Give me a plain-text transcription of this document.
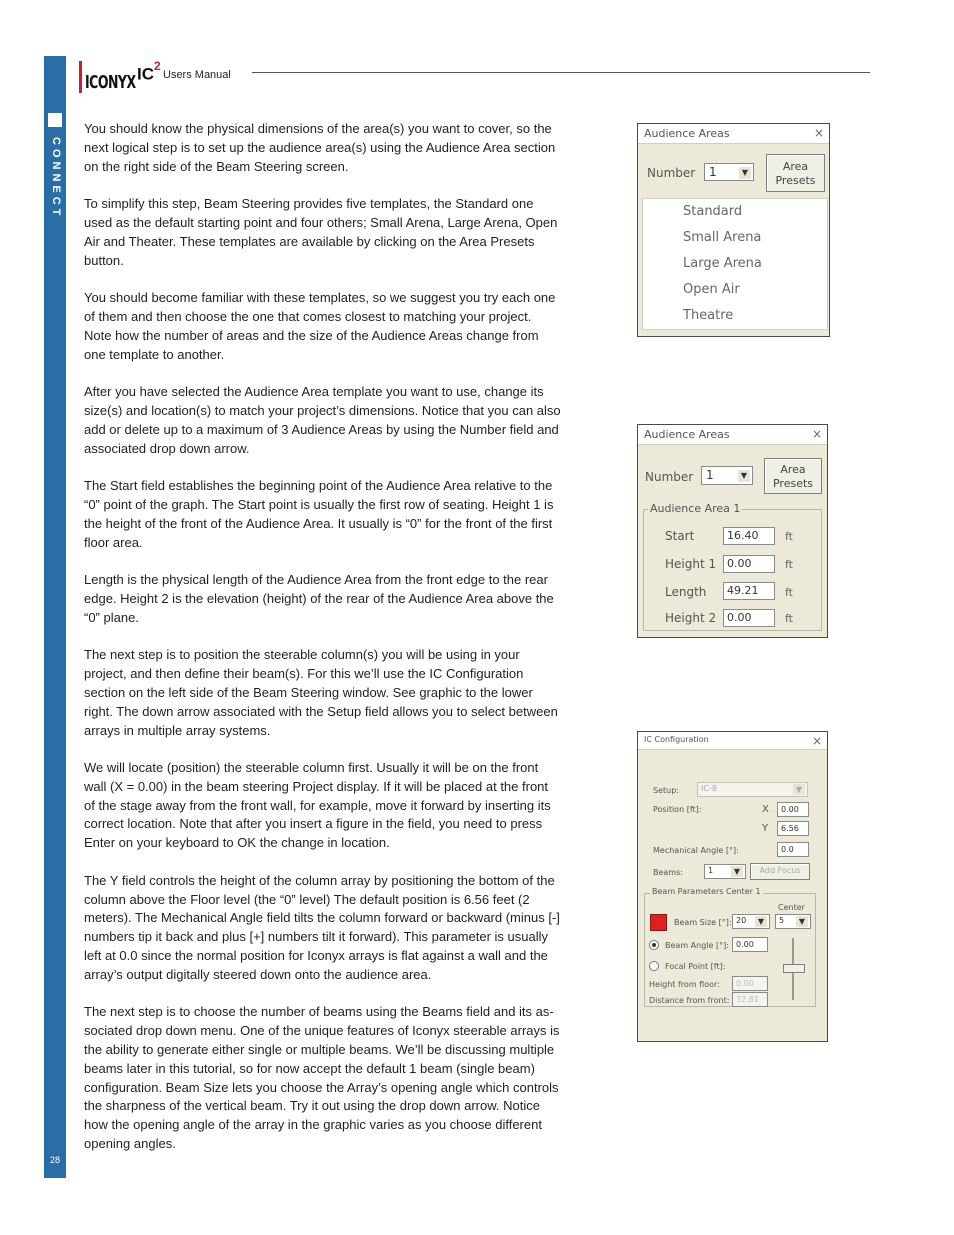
CONNECT
28
ICONYX $IC^2$
Users Manual

You should know the physical dimensions of the area(s) you want to cover, so the next logical step is to set up the audience area(s) using the Audience Area section on the right side of the Beam Steering screen.

To simplify this step, Beam Steering provides five templates, the Standard one used as the default starting point and four others; Small Arena, Large Arena, Open Air and Theater. These templates are available by clicking on the Area Presets button.

You should become familiar with these templates, so we suggest you try each one of them and then choose the one that comes closest to matching your project. Note how the number of areas and the size of the Audience Areas change from one template to another.

After you have selected the Audience Area template you want to use, change its size(s) and location(s) to match your project’s dimensions. Notice that you can also add or delete up to a maximum of 3 Audience Areas by using the Number field and associated drop down arrow.

The Start field establishes the beginning point of the Audience Area relative to the “0” point of the graph. The Start point is usually the first row of seating. Height 1 is the height of the front of the Audience Area. It usually is “0” for the front of the first floor area.

Length is the physical length of the Audience Area from the front edge to the rear edge. Height 2 is the elevation (height) of the rear of the Audience Area above the “0” plane.

The next step is to position the steerable column(s) you will be using in your project, and then define their beam(s). For this we’ll use the IC Configuration section on the left side of the Beam Steering window. See graphic to the lower right. The down arrow associated with the Setup field allows you to select between arrays in multiple array systems.

We will locate (position) the steerable column first. Usually it will be on the front wall (X = 0.00) in the beam steering Project display. If it will be placed at the front of the stage away from the front wall, for example, move it forward by inserting its correct location. Note that after you insert a figure in the field, you need to press Enter on your keyboard to OK the change in location.

The Y field controls the height of the column array by positioning the bottom of the column above the Floor level (the “0” level) The default position is 6.56 feet (2 meters). The Mechanical Angle field tilts the column forward or backward (minus [-] numbers tip it back and plus [+] numbers tilt it forward). This parameter is usually left at 0.0 since the normal position for Iconyx arrays is flat against a wall and the array’s output digitally steered down onto the audience area.

The next step is to choose the number of beams using the Beams field and its as-sociated drop down menu. One of the unique features of Iconyx steerable arrays is the ability to generate either single or multiple beams. We’ll be discussing multiple beams later in this tutorial, so for now accept the default 1 beam (single beam) configuration. Beam Size lets you choose the Array’s opening angle which controls the sharpness of the vertical beam. Try it out using the drop down arrow. Notice how the opening angle of the array in the graphic varies as you choose different opening angles.

Audience Areas	×
Number 1	▼	Area Presets
Standard
Small Arena
Large Arena
Open Air
Theatre
Audience Areas	×
Number 1	▼	Area Presets
Audience Area 1
Start	16.40	ft
Height 1 0.00	ft
Length	49.21	ft
Height 2 0.00	ft
IC Configuration	×
Setup:	IC-8	▼
Position [ft]:	X	0.00
Y	6.56
Mechanical Angle [°]:	0.0
Beams:	1	▼	Add Focus
Beam Parameters Center 1
Center
Beam Size [°]: 20	▼	5	▼
Beam Angle [°]: 0.00
Focal Point [ft]:
Height from floor:	0.00
Distance from front: 32.81
